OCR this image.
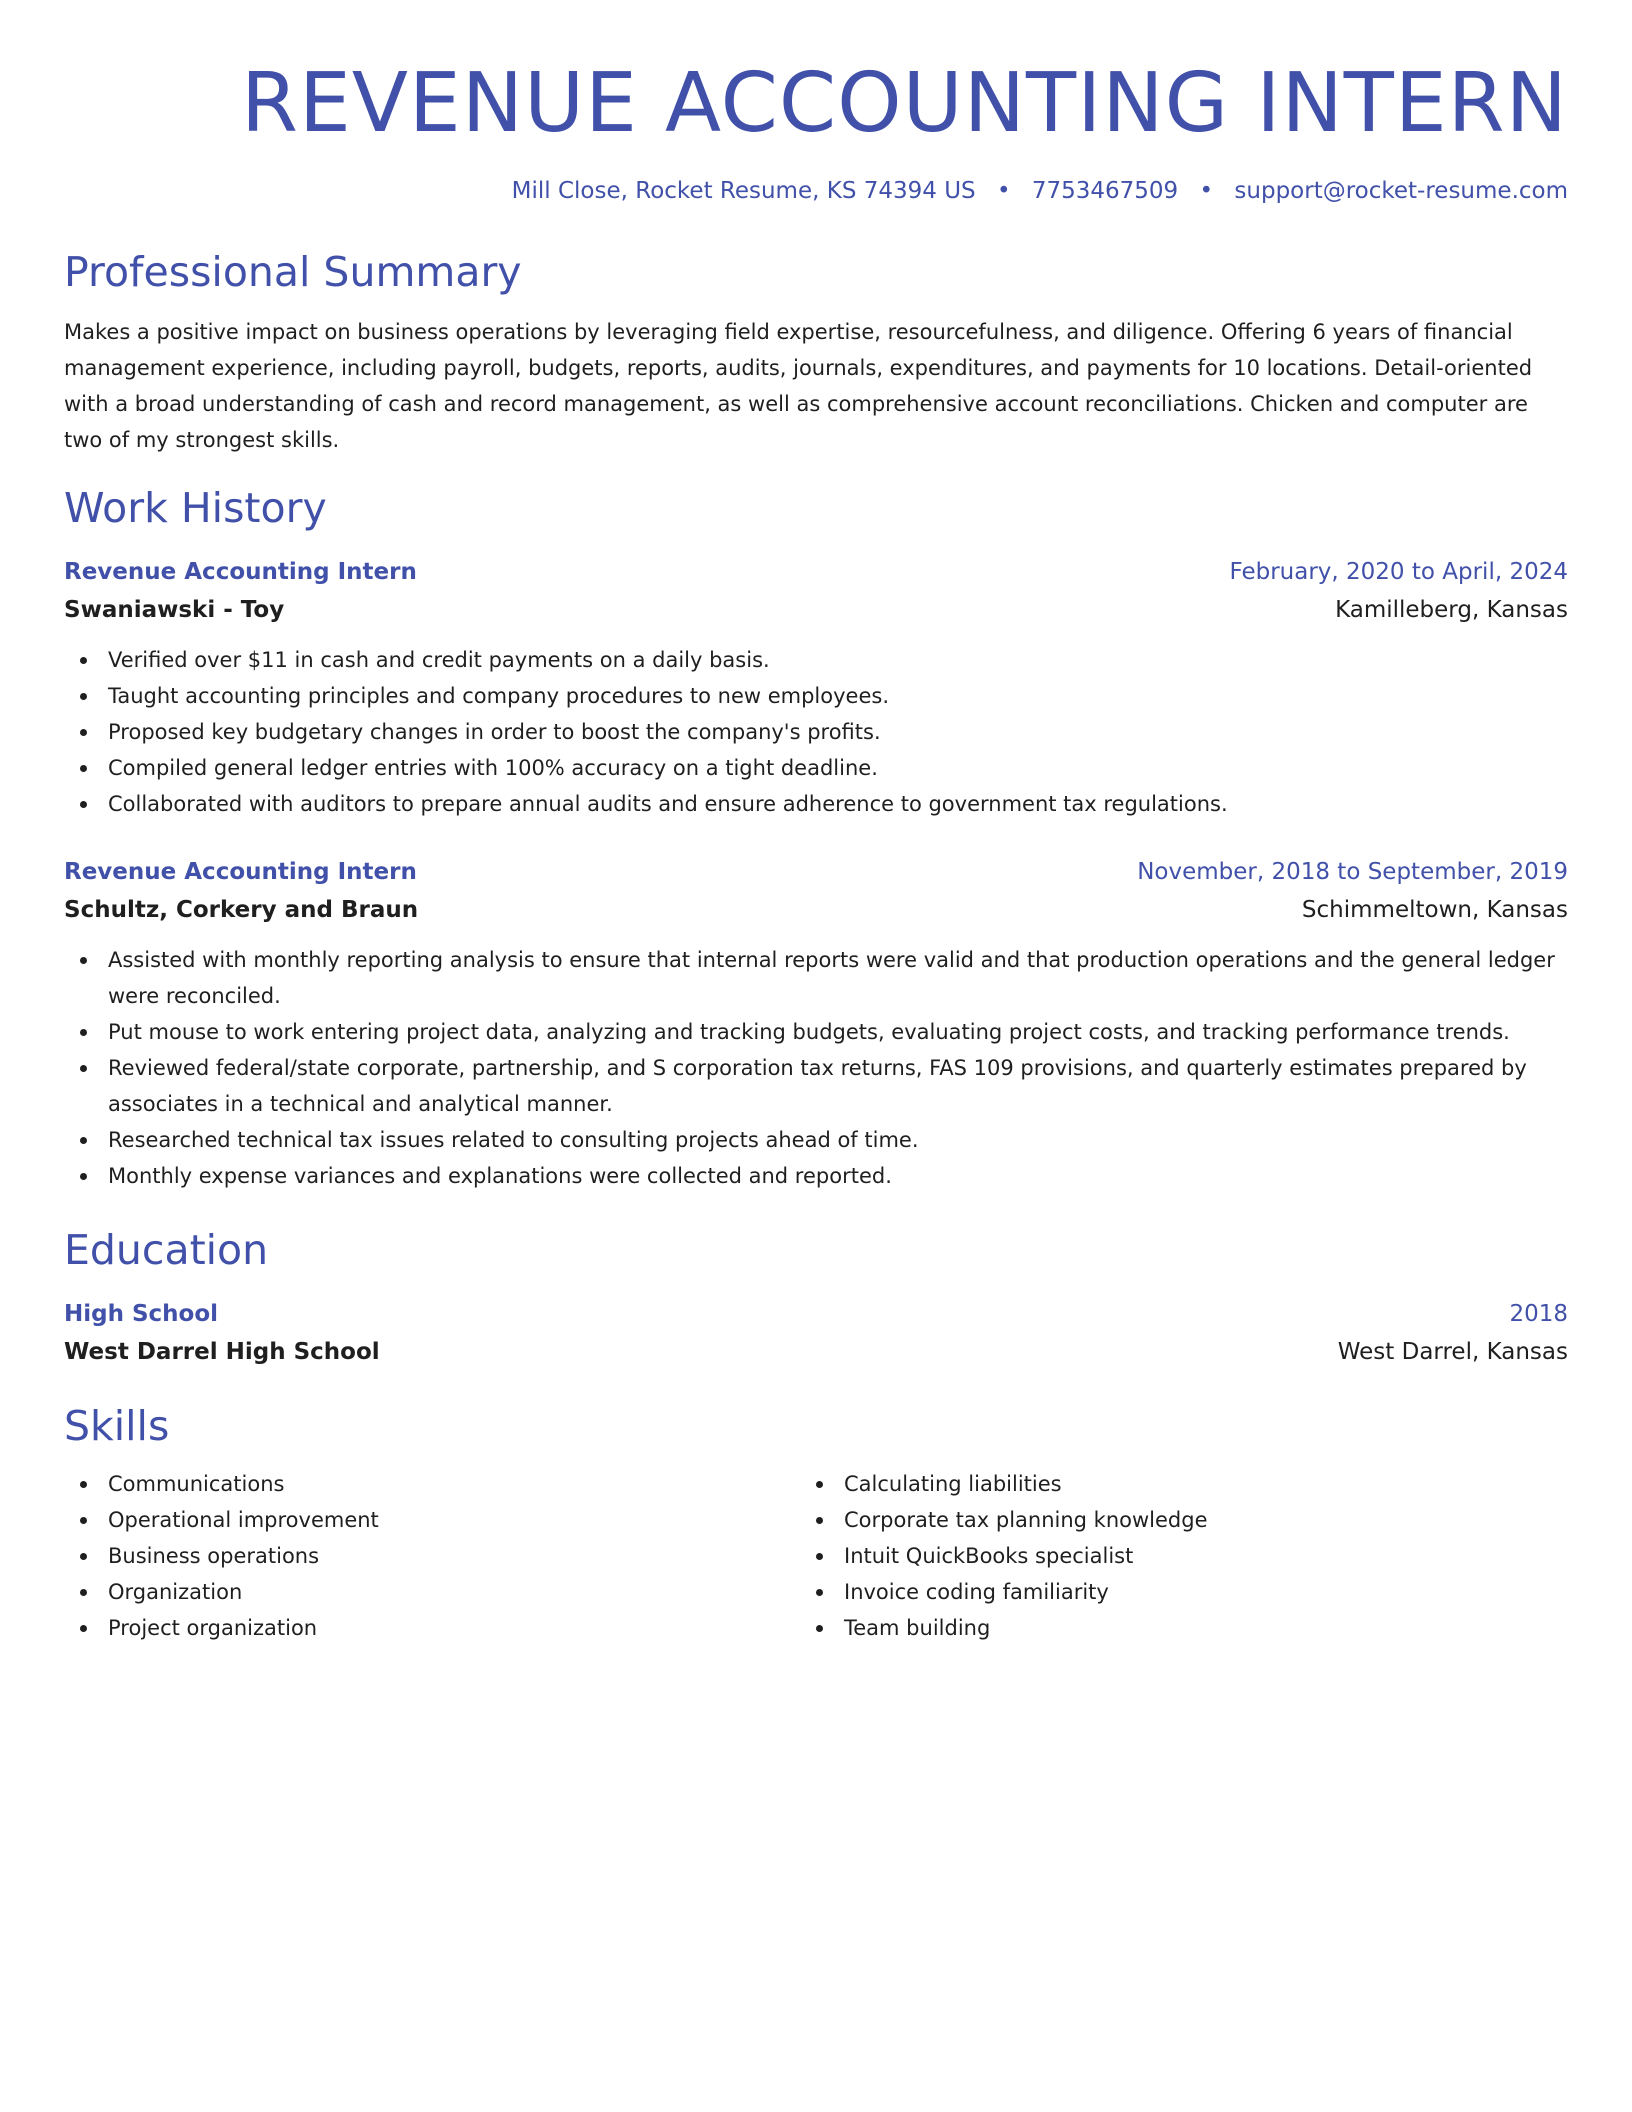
REVENUE ACCOUNTING INTERN
Mill Close, Rocket Resume, KS 74394 US • 7753467509 • support@rocket-resume.com
Professional Summary
Makes a positive impact on business operations by leveraging field expertise, resourcefulness, and diligence. Offering 6 years of financial management experience, including payroll, budgets, reports, audits, journals, expenditures, and payments for 10 locations. Detail-oriented with a broad understanding of cash and record management, as well as comprehensive account reconciliations. Chicken and computer are two of my strongest skills.
Work History
Revenue Accounting Intern	February, 2020 to April, 2024
Swaniawski - Toy	Kamilleberg, Kansas
Verified over $11 in cash and credit payments on a daily basis.
Taught accounting principles and company procedures to new employees.
Proposed key budgetary changes in order to boost the company's profits.
Compiled general ledger entries with 100% accuracy on a tight deadline.
Collaborated with auditors to prepare annual audits and ensure adherence to government tax regulations.
Revenue Accounting Intern	November, 2018 to September, 2019
Schultz, Corkery and Braun	Schimmeltown, Kansas
Assisted with monthly reporting analysis to ensure that internal reports were valid and that production operations and the general ledger were reconciled.
Put mouse to work entering project data, analyzing and tracking budgets, evaluating project costs, and tracking performance trends.
Reviewed federal/state corporate, partnership, and S corporation tax returns, FAS 109 provisions, and quarterly estimates prepared by associates in a technical and analytical manner.
Researched technical tax issues related to consulting projects ahead of time.
Monthly expense variances and explanations were collected and reported.
Education
High School	2018
West Darrel High School	West Darrel, Kansas
Skills
Communications
Operational improvement
Business operations
Organization
Project organization
Calculating liabilities
Corporate tax planning knowledge
Intuit QuickBooks specialist
Invoice coding familiarity
Team building
